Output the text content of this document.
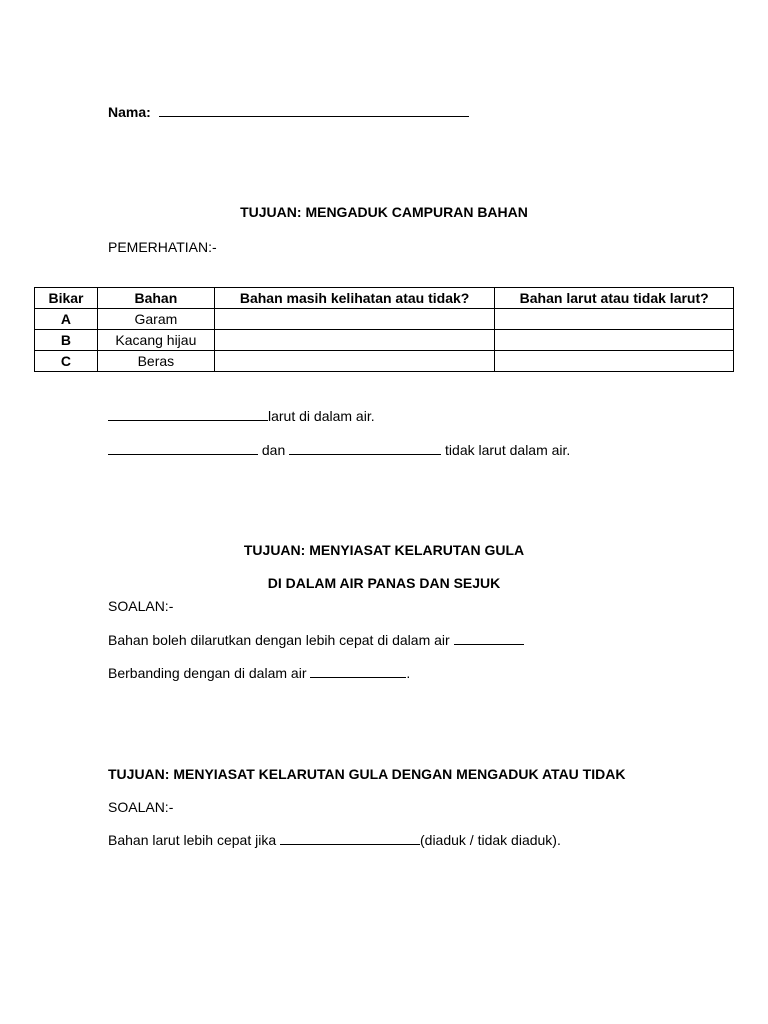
Nama:
TUJUAN: MENGADUK CAMPURAN BAHAN
PEMERHATIAN:-
Bikar	Bahan	Bahan masih kelihatan atau tidak?	Bahan larut atau tidak larut?
A	Garam		
B	Kacang hijau		
C	Beras		
larut di dalam air.
dan	tidak larut dalam air.
TUJUAN: MENYIASAT KELARUTAN GULA
DI DALAM AIR PANAS DAN SEJUK
SOALAN:-
Bahan boleh dilarutkan dengan lebih cepat di dalam air
Berbanding dengan di dalam air	.
TUJUAN: MENYIASAT KELARUTAN GULA DENGAN MENGADUK ATAU TIDAK
SOALAN:-
Bahan larut lebih cepat jika	(diaduk / tidak diaduk).
